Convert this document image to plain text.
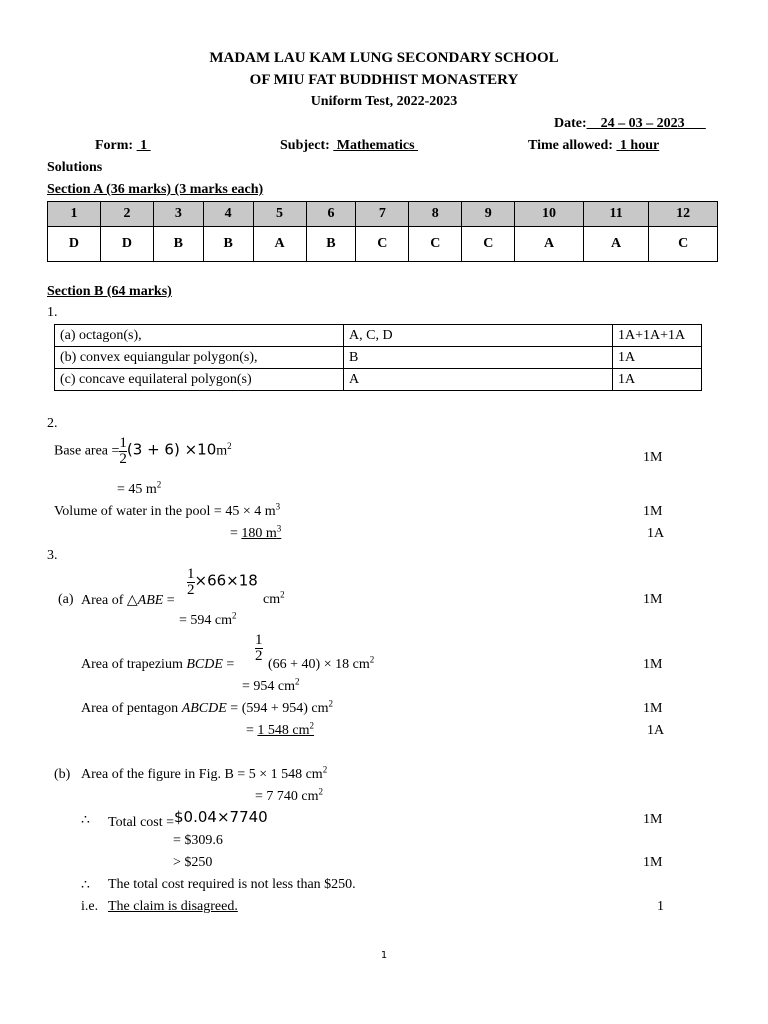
MADAM LAU KAM LUNG SECONDARY SCHOOL
OF MIU FAT BUDDHIST MONASTERY
Uniform Test, 2022-2023
Date:__24 – 03 – 2023___
Form:  1	Subject:  Mathematics	Time allowed:  1 hour
Solutions
Section A (36 marks) (3 marks each)
1	2	3	4	5	6	7	8	9	10	11	12
D	D	B	B	A	B	C	C	C	A	A	C
Section B (64 marks)
1.
(a) octagon(s),	A, C, D	1A+1A+1A
(b) convex equiangular polygon(s),	B	1A
(c) concave equilateral polygon(s)	A	1A
2.
Base area = $\frac{1}{2} (3 + 6) \times 10m^2$
1M
= 45 $m^2$
Volume of water in the pool = 45 × 4 $m^3$	1M
= 180 $m^3$	1A
3.
(a) Area of △ABE =
$\frac{1}{2} \times 66\times 18$
$cm^2$	1M
= 594 $cm^2$
Area of trapezium BCDE =
$\frac{1}{2}$
(66 + 40) × 18 $cm^2$	1M
= 954 $cm^2$
Area of pentagon ABCDE = (594 + 954) $cm^2$	1M
= 1 548 $cm^2$	1A
(b) Area of the figure in Fig. B = 5 × 1 548 $cm^2$
= 7 740 $cm^2$
∴ Total cost =$0.04×7740	1M
= $309.6
> $250	1M
∴ The total cost required is not less than $250.
i.e. The claim is disagreed.	1
1
